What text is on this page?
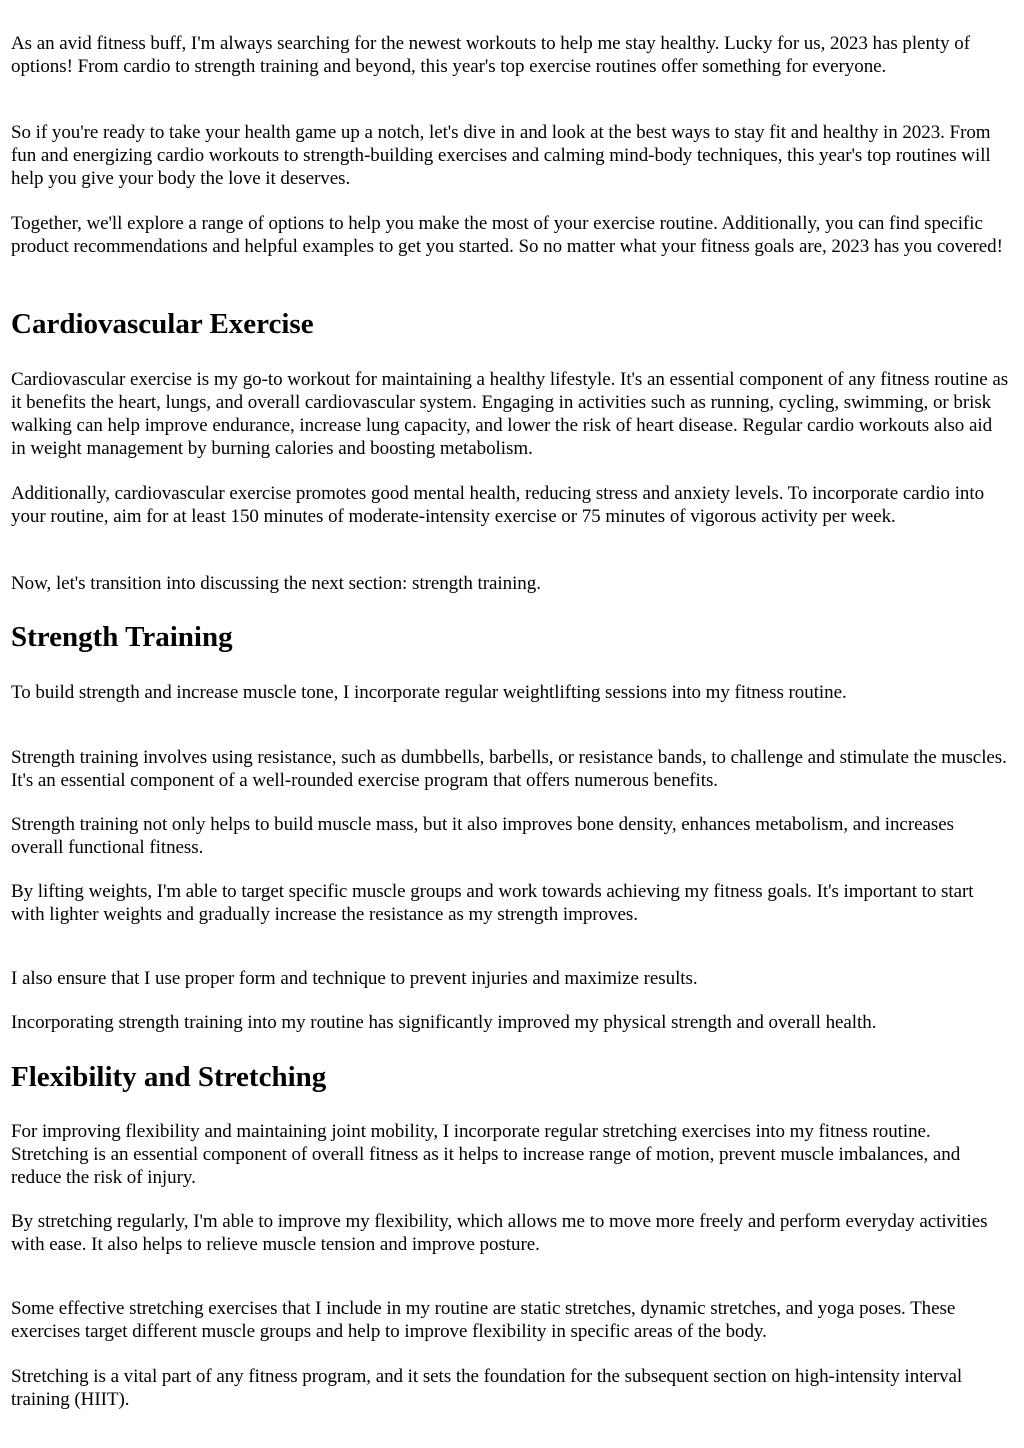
As an avid fitness buff, I'm always searching for the newest workouts to help me stay healthy. Lucky for us, 2023 has plenty of options! From cardio to strength training and beyond, this year's top exercise routines offer something for everyone.

So if you're ready to take your health game up a notch, let's dive in and look at the best ways to stay fit and healthy in 2023. From fun and energizing cardio workouts to strength-building exercises and calming mind-body techniques, this year's top routines will help you give your body the love it deserves.

Together, we'll explore a range of options to help you make the most of your exercise routine. Additionally, you can find specific product recommendations and helpful examples to get you started. So no matter what your fitness goals are, 2023 has you covered!

Cardiovascular Exercise

Cardiovascular exercise is my go-to workout for maintaining a healthy lifestyle. It's an essential component of any fitness routine as it benefits the heart, lungs, and overall cardiovascular system. Engaging in activities such as running, cycling, swimming, or brisk walking can help improve endurance, increase lung capacity, and lower the risk of heart disease. Regular cardio workouts also aid in weight management by burning calories and boosting metabolism.

Additionally, cardiovascular exercise promotes good mental health, reducing stress and anxiety levels. To incorporate cardio into your routine, aim for at least 150 minutes of moderate-intensity exercise or 75 minutes of vigorous activity per week.

Now, let's transition into discussing the next section: strength training.

Strength Training

To build strength and increase muscle tone, I incorporate regular weightlifting sessions into my fitness routine.

Strength training involves using resistance, such as dumbbells, barbells, or resistance bands, to challenge and stimulate the muscles. It's an essential component of a well-rounded exercise program that offers numerous benefits.

Strength training not only helps to build muscle mass, but it also improves bone density, enhances metabolism, and increases overall functional fitness.

By lifting weights, I'm able to target specific muscle groups and work towards achieving my fitness goals. It's important to start with lighter weights and gradually increase the resistance as my strength improves.

I also ensure that I use proper form and technique to prevent injuries and maximize results.

Incorporating strength training into my routine has significantly improved my physical strength and overall health.

Flexibility and Stretching

For improving flexibility and maintaining joint mobility, I incorporate regular stretching exercises into my fitness routine. Stretching is an essential component of overall fitness as it helps to increase range of motion, prevent muscle imbalances, and reduce the risk of injury.

By stretching regularly, I'm able to improve my flexibility, which allows me to move more freely and perform everyday activities with ease. It also helps to relieve muscle tension and improve posture.

Some effective stretching exercises that I include in my routine are static stretches, dynamic stretches, and yoga poses. These exercises target different muscle groups and help to improve flexibility in specific areas of the body.

Stretching is a vital part of any fitness program, and it sets the foundation for the subsequent section on high-intensity interval training (HIIT).
